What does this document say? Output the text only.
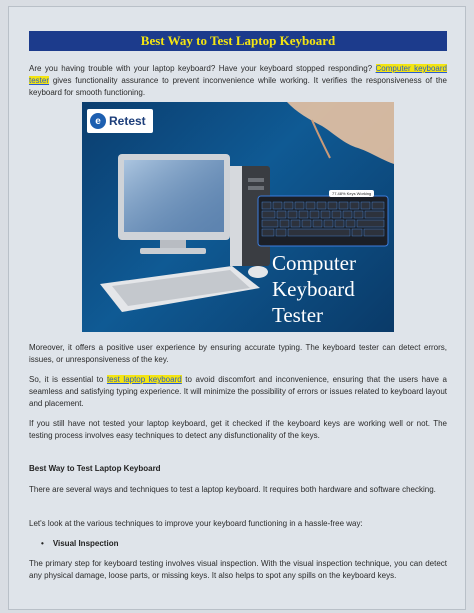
Best Way to Test Laptop Keyboard

Are you having trouble with your laptop keyboard? Have your keyboard stopped responding? Computer keyboard tester gives functionality assurance to prevent inconvenience while working. It verifies the responsiveness of the keyboard for smooth functioning.

e Retest
77.48% Keys Working
Computer
Keyboard Tester

Moreover, it offers a positive user experience by ensuring accurate typing. The keyboard tester can detect errors, issues, or unresponsiveness of the key.

So, it is essential to test laptop keyboard to avoid discomfort and inconvenience, ensuring that the users have a seamless and satisfying typing experience. It will minimize the possibility of errors or issues related to keyboard layout and placement.

If you still have not tested your laptop keyboard, get it checked if the keyboard keys are working well or not. The testing process involves easy techniques to detect any disfunctionality of the keys.

Best Way to Test Laptop Keyboard

There are several ways and techniques to test a laptop keyboard. It requires both hardware and software checking.

Let's look at the various techniques to improve your keyboard functioning in a hassle-free way:

• Visual Inspection

The primary step for keyboard testing involves visual inspection. With the visual inspection technique, you can detect any physical damage, loose parts, or missing keys. It also helps to spot any spills on the keyboard keys.
